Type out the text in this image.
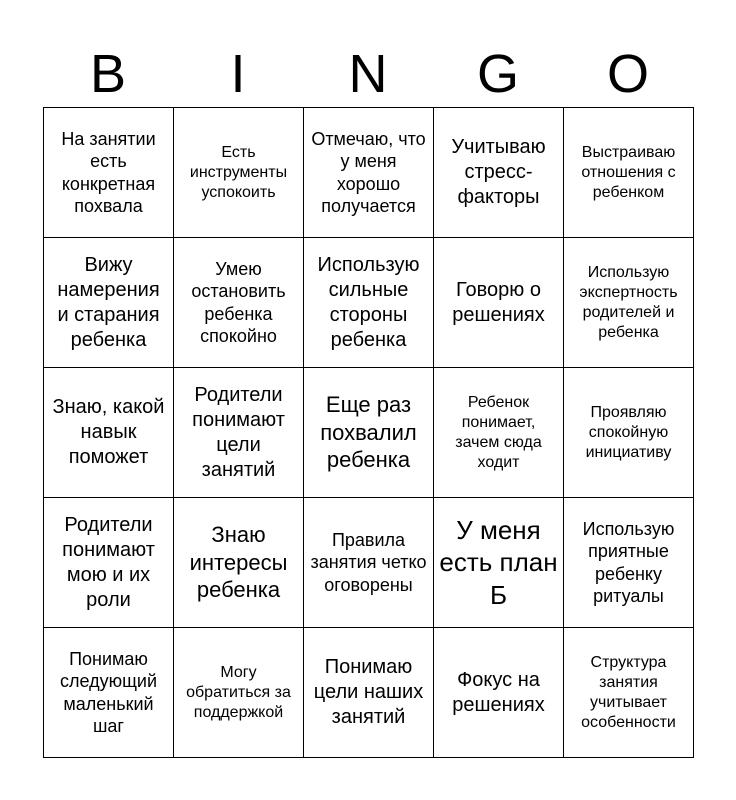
B	I	N	G	O
На занятии есть конкретная похвала	Есть инструменты успокоить	Отмечаю, что у меня хорошо получается	Учитываю стресс-факторы	Выстраиваю отношения с ребенком
Вижу намерения и старания ребенка	Умею остановить ребенка спокойно	Использую сильные стороны ребенка	Говорю о решениях	Использую экспертность родителей и ребенка
Знаю, какой навык поможет	Родители понимают цели занятий	Еще раз похвалил ребенка	Ребенок понимает, зачем сюда ходит	Проявляю спокойную инициативу
Родители понимают мою и их роли	Знаю интересы ребенка	Правила занятия четко оговорены	У меня есть план Б	Использую приятные ребенку ритуалы
Понимаю следующий маленький шаг	Могу обратиться за поддержкой	Понимаю цели наших занятий	Фокус на решениях	Структура занятия учитывает особенности
